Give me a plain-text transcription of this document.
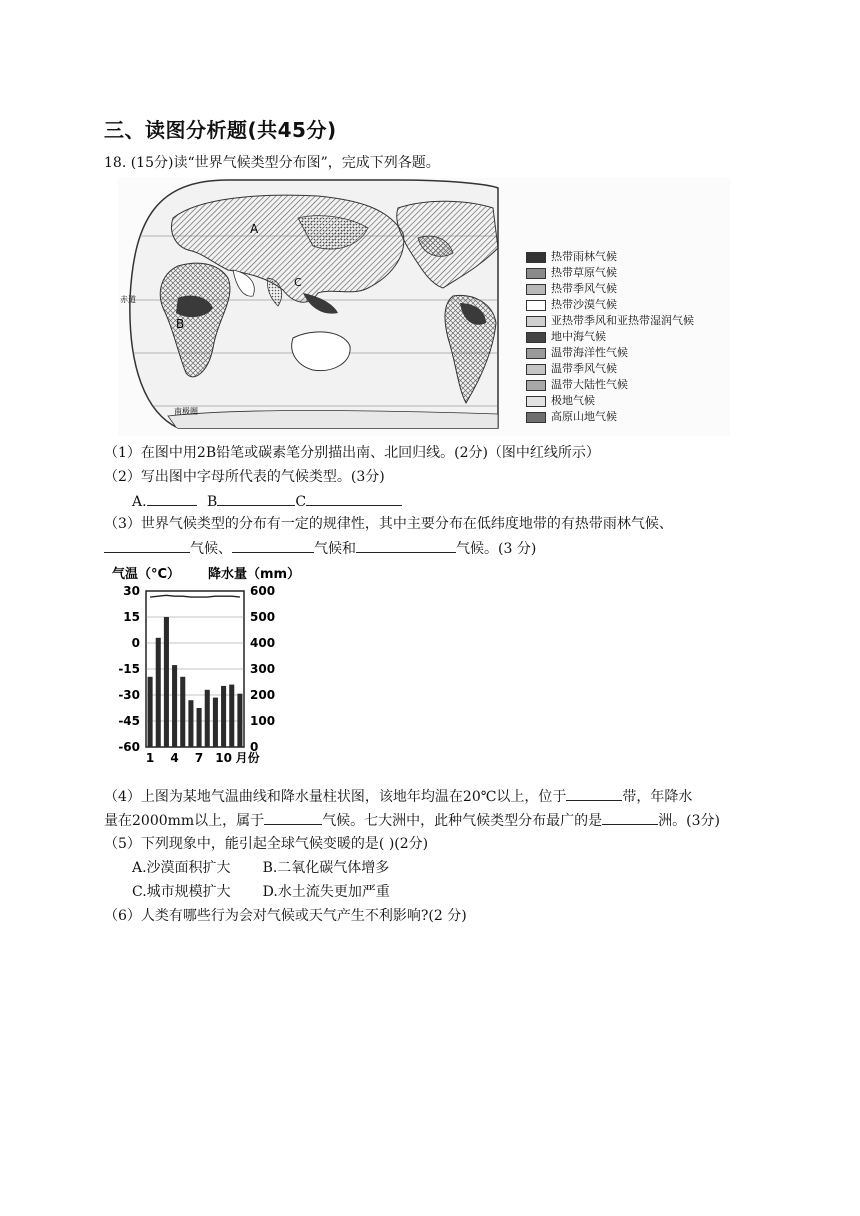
三、读图分析题(共45分)
18. (15分)读“世界气候类型分布图”，完成下列各题。
A
B
C
赤道
南极圈
热带雨林气候
热带草原气候
热带季风气候
热带沙漠气候
亚热带季风和亚热带湿润气候
地中海气候
温带海洋性气候
温带季风气候
温带大陆性气候
极地气候
高原山地气候
（1）在图中用2B铅笔或碳素笔分别描出南、北回归线。(2分)（图中红线所示）
（2）写出图中字母所代表的气候类型。(3分)
A.	B	C
（3）世界气候类型的分布有一定的规律性，其中主要分布在低纬度地带的有热带雨林气候、
气候、	气候和	气候。(3 分)
气温（°C） 降水量（mm）
30	600
15	500
0	400
-15	300
-30	200
-45	100
-60	0
1 4 7 10 月份
（4）上图为某地气温曲线和降水量柱状图，该地年均温在20℃以上，位于	带，年降水
量在2000mm以上，属于	气候。七大洲中，此种气候类型分布最广的是	洲。(3分)
（5）下列现象中，能引起全球气候变暖的是( )(2分)
A.沙漠面积扩大 B.二氧化碳气体增多
C.城市规模扩大 D.水土流失更加严重
（6）人类有哪些行为会对气候或天气产生不利影响?(2 分)
